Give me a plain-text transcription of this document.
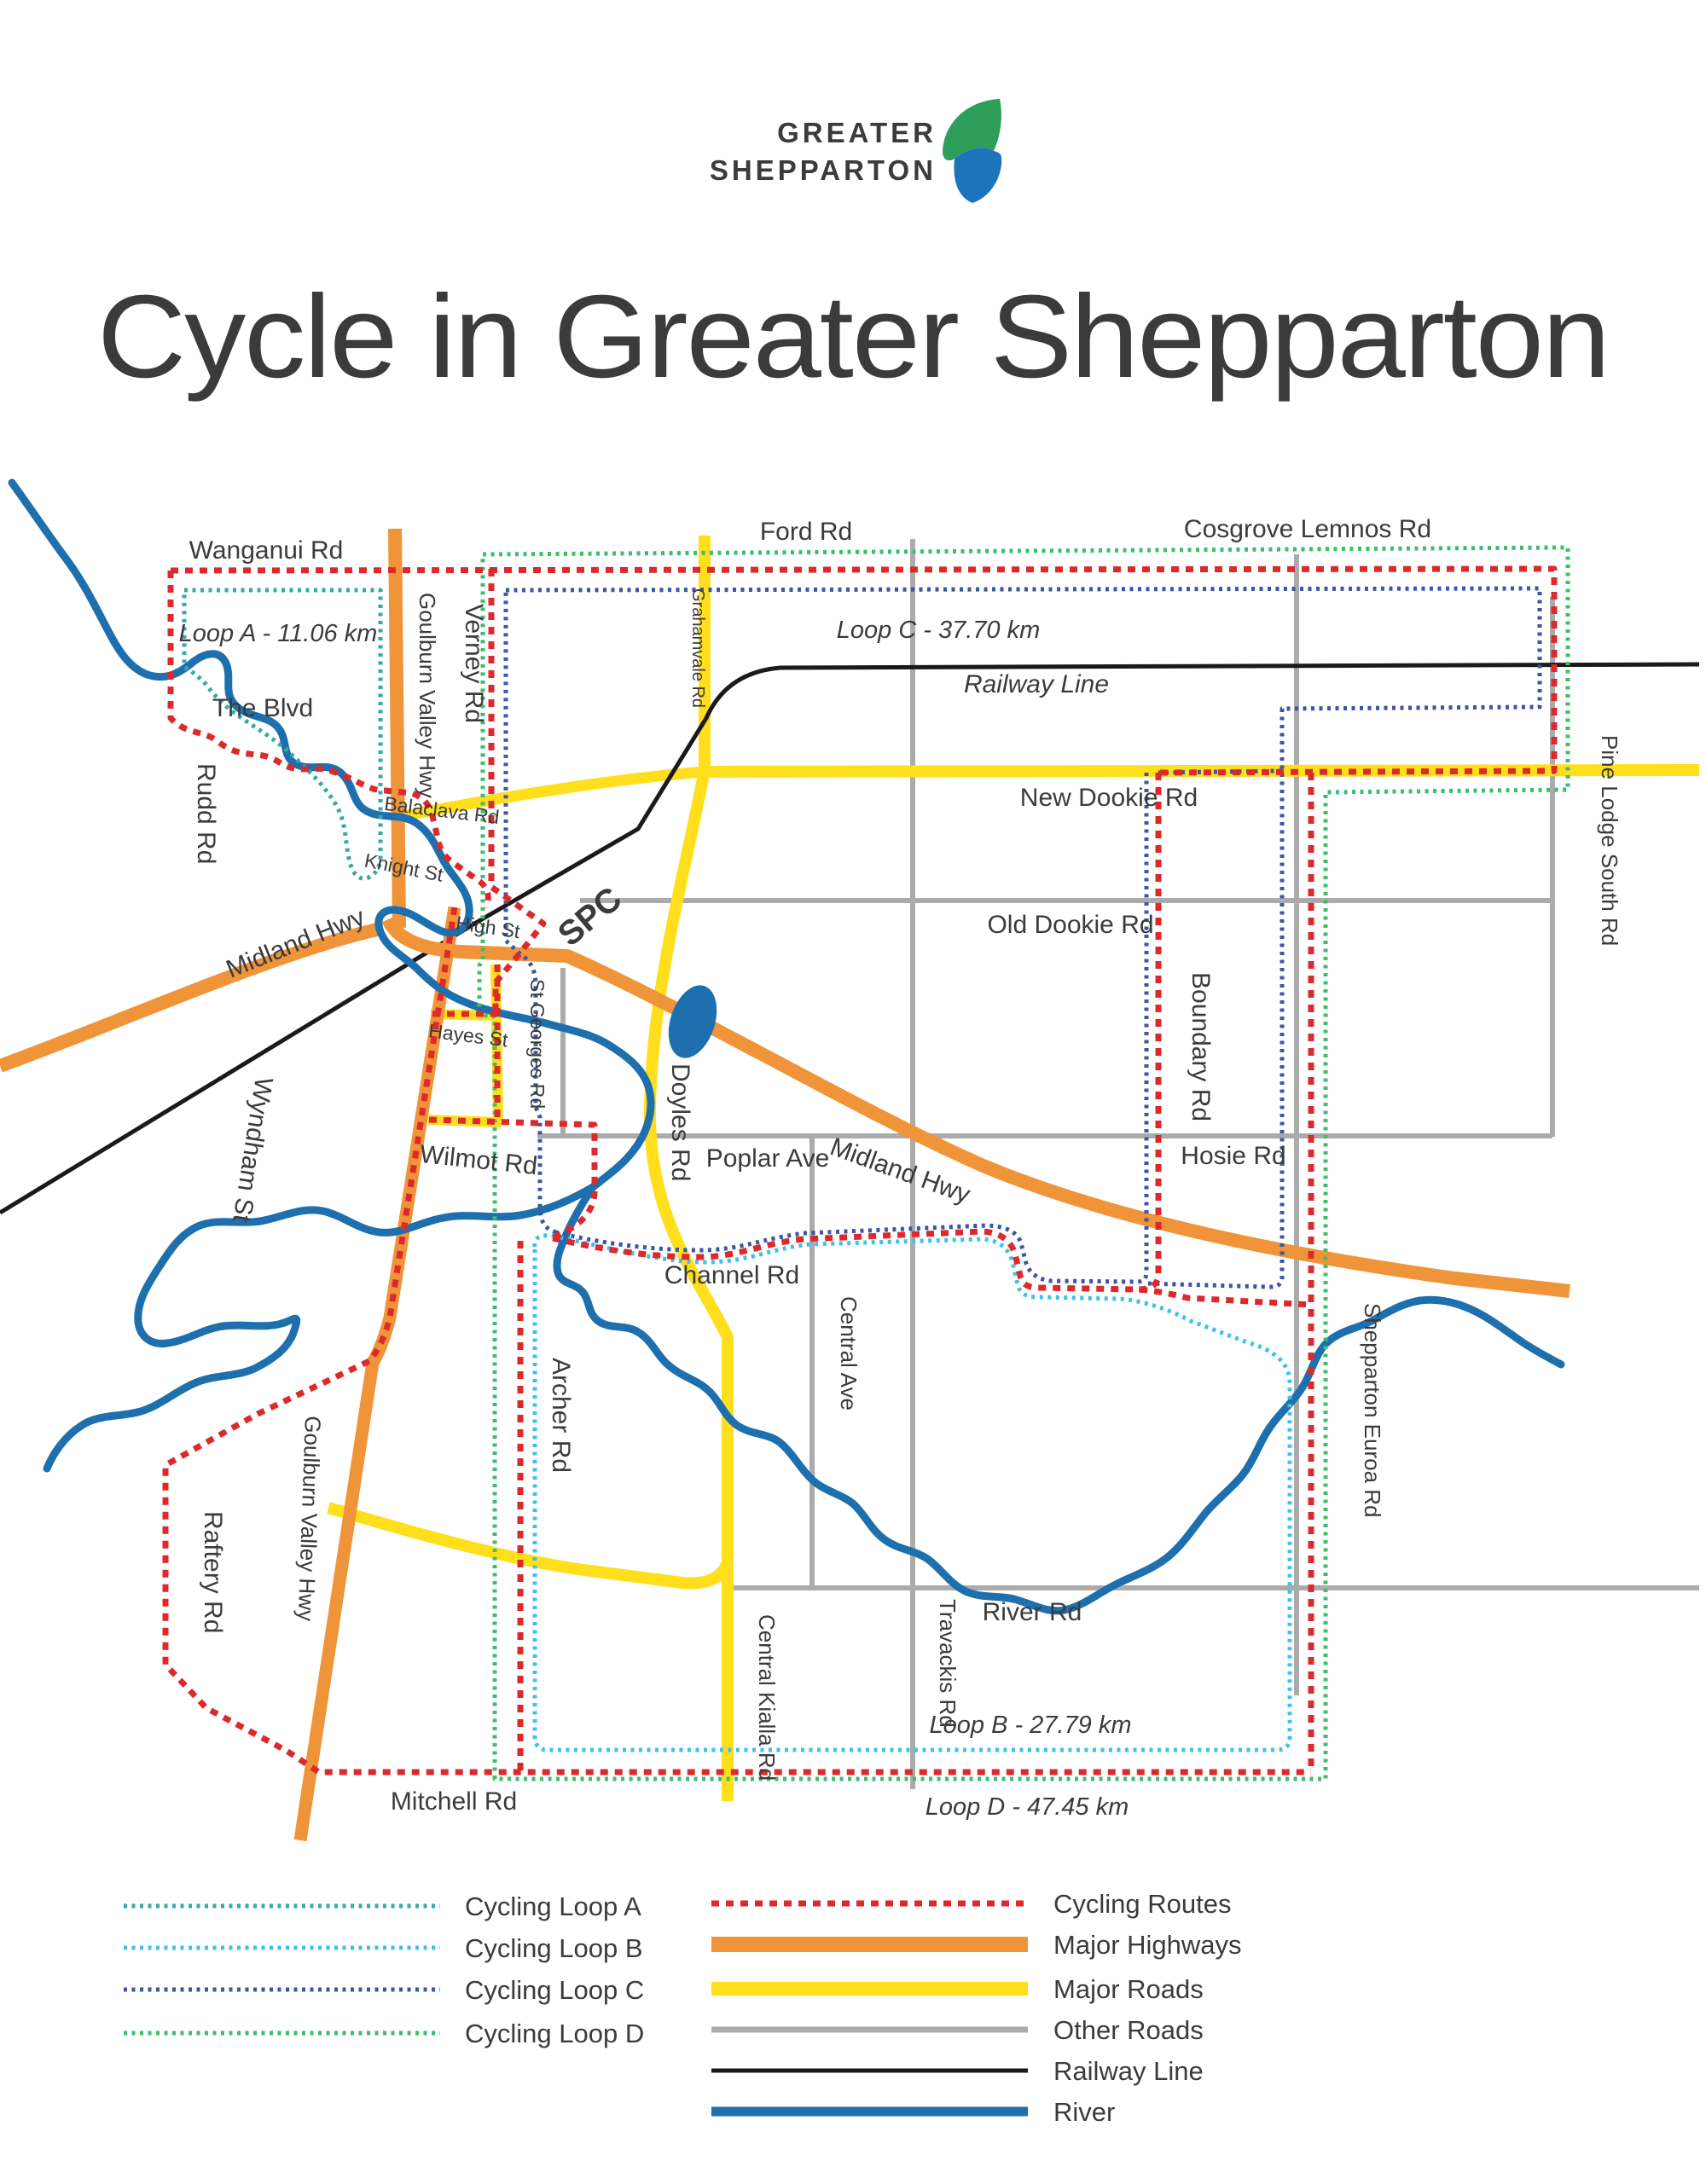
GREATER
SHEPPARTON
Cycle in Greater Shepparton
Wanganui Rd
Ford Rd	Cosgrove Lemnos Rd
Rudd Rd
Goulburn Valley Hwy Verney Rd	Grahamvale Rd	Railway Line
The Blvd
Balaclava Rd	New Dookie Rd
Knight St
High St SPC	Old Dookie Rd
Midland Hwy
Hayes St St Georges Rd	Boundary Rd
Pine Lodge South Rd
Wilmot Rd	Doyles Rd Poplar Ave	Hosie Rd
Midland Hwy
Channel Rd
Central Ave
Wyndham St
Archer Rd	Shepparton Euroa Rd
Goulburn Valley Hwy
Raftery Rd	River Rd
Travackis Rd
Central Kialla Rd
Mitchell Rd
Loop A - 11.06 km	Loop C - 37.70 km
Loop B - 27.79 km
Loop D - 47.45 km
Cycling Loop A
Cycling Loop B
Cycling Loop C
Cycling Loop D
Cycling Routes
Major Highways
Major Roads
Other Roads
Railway Line
River
